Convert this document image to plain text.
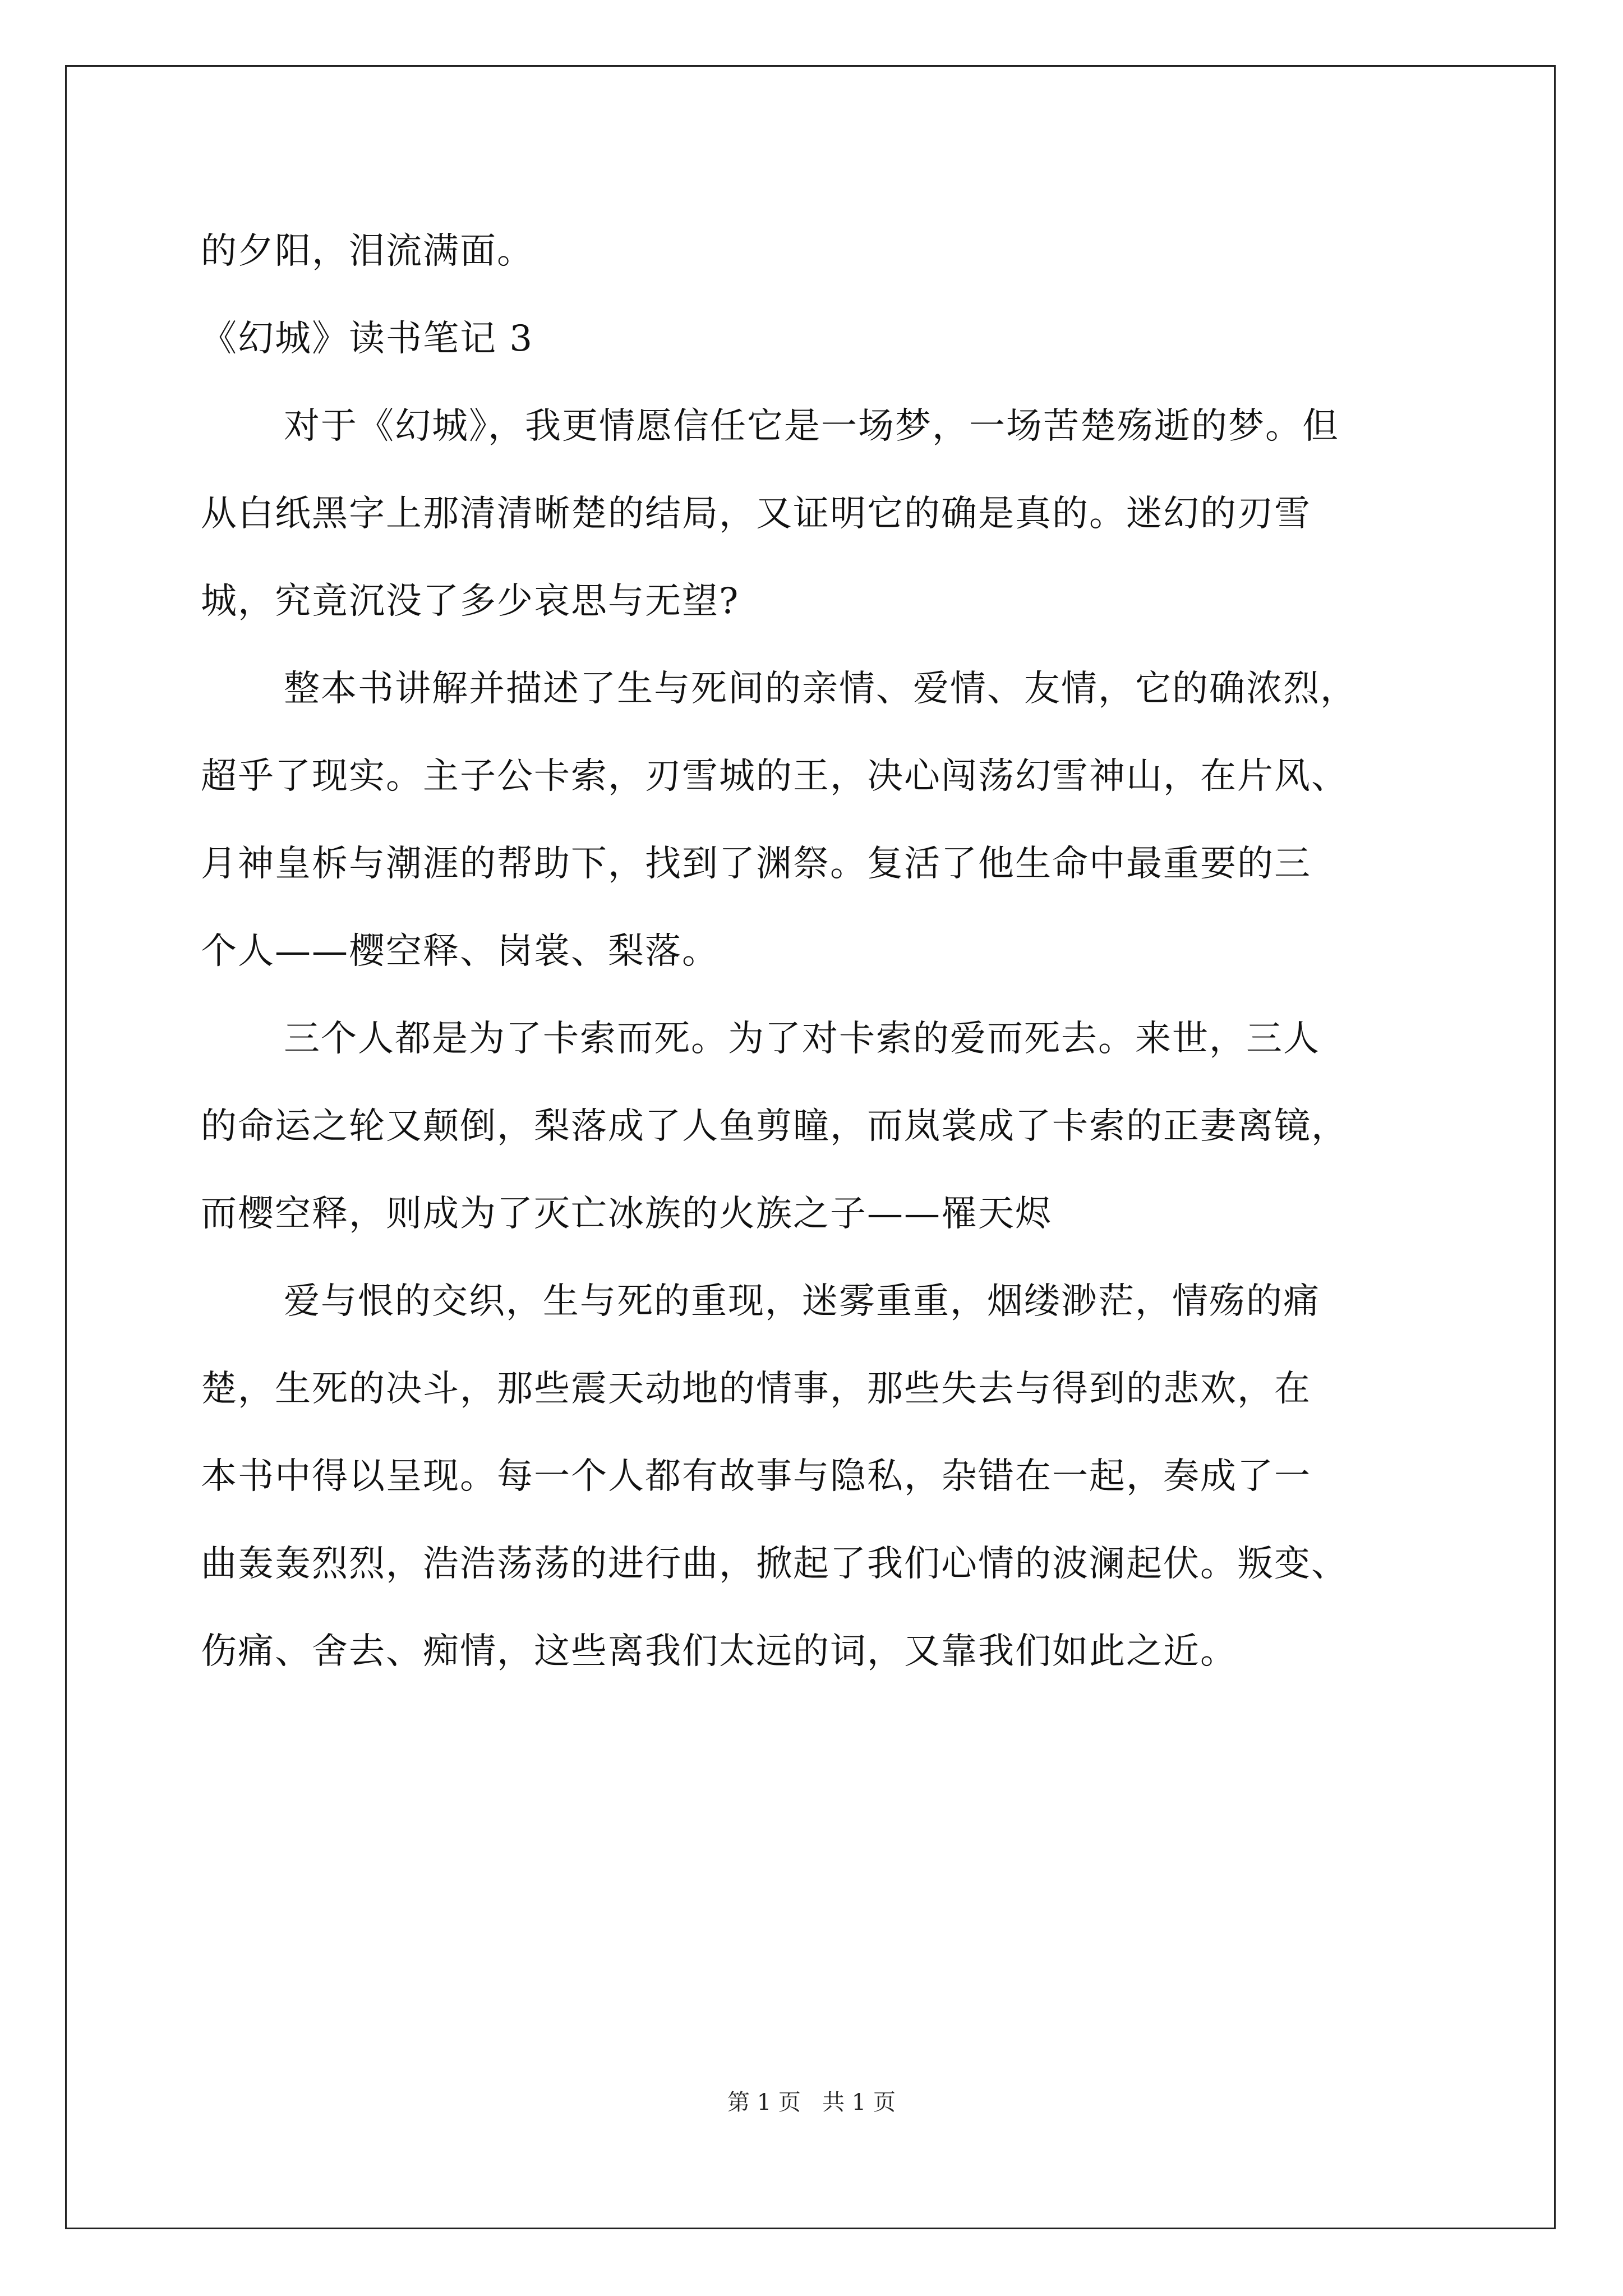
的夕阳，泪流满面。
《幻城》读书笔记 3
对于《幻城》，我更情愿信任它是一场梦，一场苦楚殇逝的梦。但
从白纸黑字上那清清晰楚的结局，又证明它的确是真的。迷幻的刃雪
城，究竟沉没了多少哀思与无望?
整本书讲解并描述了生与死间的亲情、爱情、友情，它的确浓烈，
超乎了现实。主子公卡索，刃雪城的王，决心闯荡幻雪神山，在片风、
月神皇柝与潮涯的帮助下，找到了渊祭。复活了他生命中最重要的三
个人——樱空释、岗裳、梨落。
三个人都是为了卡索而死。为了对卡索的爱而死去。来世，三人
的命运之轮又颠倒，梨落成了人鱼剪瞳，而岚裳成了卡索的正妻离镜，
而樱空释，则成为了灭亡冰族的火族之子——罹天烬
爱与恨的交织，生与死的重现，迷雾重重，烟缕渺茫，情殇的痛
楚，生死的决斗，那些震天动地的情事，那些失去与得到的悲欢，在
本书中得以呈现。每一个人都有故事与隐私，杂错在一起，奏成了一
曲轰轰烈烈，浩浩荡荡的进行曲，掀起了我们心情的波澜起伏。叛变、
伤痛、舍去、痴情，这些离我们太远的词，又靠我们如此之近。
第 1 页   共 1 页
